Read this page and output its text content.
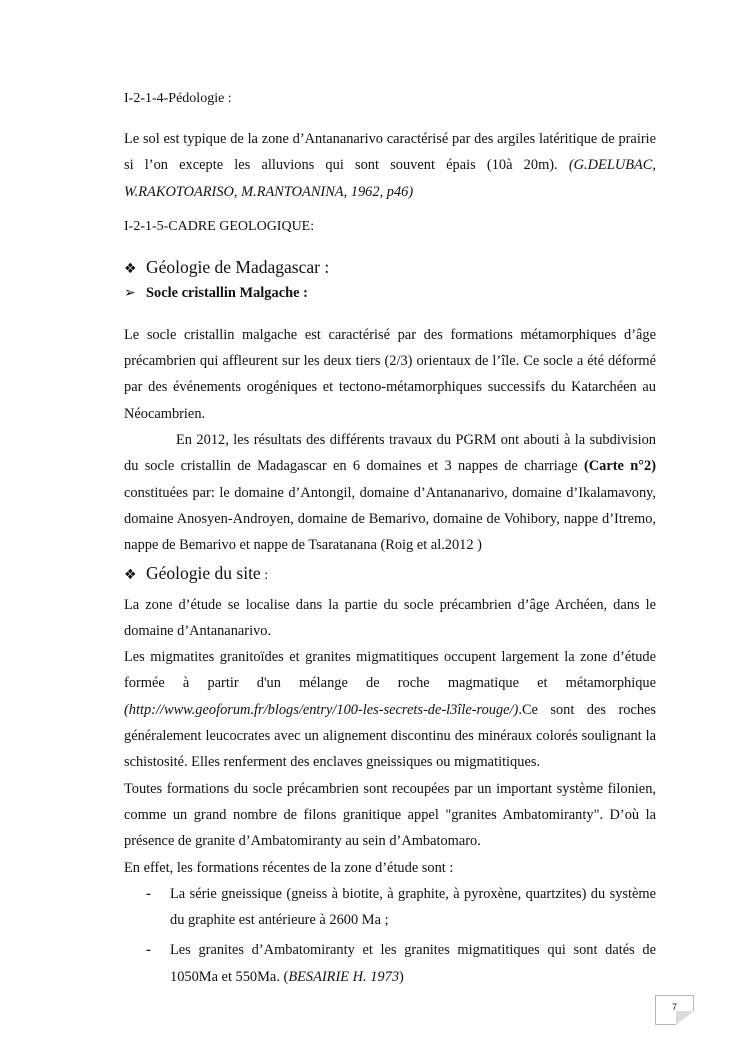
I-2-1-4-Pédologie :

Le sol est typique de la zone d’Antananarivo caractérisé par des argiles latéritique de prairie si l’on excepte les alluvions qui sont souvent épais (10à 20m). (G.DELUBAC, W.RAKOTOARISO, M.RANTOANINA, 1962, p46)

I-2-1-5-CADRE GEOLOGIQUE:

❖ Géologie de Madagascar :

➢ Socle cristallin Malgache :

Le socle cristallin malgache est caractérisé par des formations métamorphiques d’âge précambrien qui affleurent sur les deux tiers (2/3) orientaux de l’île. Ce socle a été déformé par des événements orogéniques et tectono-métamorphiques successifs du Katarchéen au Néocambrien.

En 2012, les résultats des différents travaux du PGRM ont abouti à la subdivision du socle cristallin de Madagascar en 6 domaines et 3 nappes de charriage (Carte n°2) constituées par: le domaine d’Antongil, domaine d’Antananarivo, domaine d’Ikalamavony, domaine Anosyen-Androyen, domaine de Bemarivo, domaine de Vohibory, nappe d’Itremo, nappe de Bemarivo et nappe de Tsaratanana (Roig et al.2012 )

❖ Géologie du site :

La zone d’étude se localise dans la partie du socle précambrien d’âge Archéen, dans le domaine d’Antananarivo.

Les migmatites granitoïdes et granites migmatitiques occupent largement la zone d’étude formée à partir d'un mélange de roche magmatique et métamorphique (http://www.geoforum.fr/blogs/entry/100-les-secrets-de-l3île-rouge/).Ce sont des roches généralement leucocrates avec un alignement discontinu des minéraux colorés soulignant la schistosité. Elles renferment des enclaves gneissiques ou migmatitiques.

Toutes formations du socle précambrien sont recoupées par un important système filonien, comme un grand nombre de filons granitique appel "granites Ambatomiranty". D’où la présence de granite d’Ambatomiranty au sein d’Ambatomaro.

En effet, les formations récentes de la zone d’étude sont :

- La série gneissique (gneiss à biotite, à graphite, à pyroxène, quartzites) du système du graphite est antérieure à 2600 Ma ;
- Les granites d’Ambatomiranty et les granites migmatitiques qui sont datés de 1050Ma et 550Ma. (BESAIRIE H. 1973)
7
